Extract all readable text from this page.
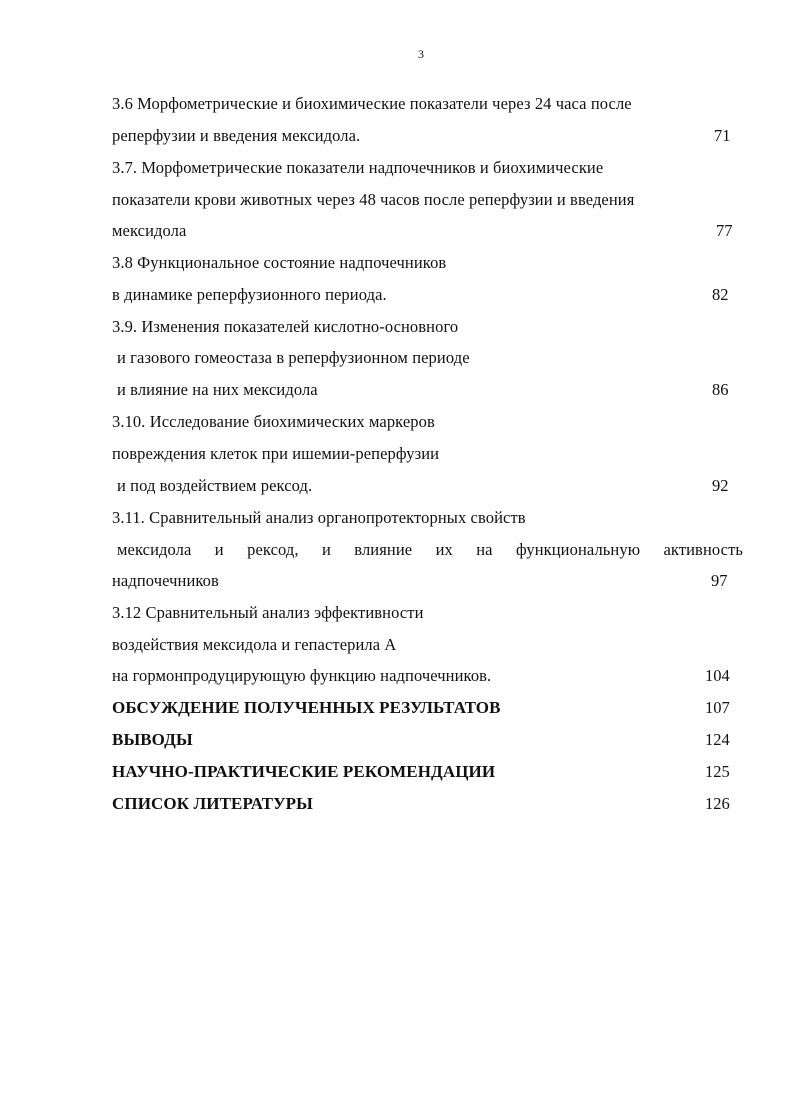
3
3.6 Морфометрические и биохимические показатели через 24 часа после
реперфузии и введения мексидола.	71
3.7. Морфометрические показатели надпочечников и биохимические
показатели крови животных через 48 часов после реперфузии и введения
мексидола	77
3.8 Функциональное состояние надпочечников
в динамике реперфузионного периода.	82
3.9. Изменения показателей кислотно-основного
и газового гомеостаза в реперфузионном периоде
и влияние на них мексидола	86
3.10. Исследование биохимических маркеров
повреждения клеток при ишемии-реперфузии
и под воздействием рексод.	92
3.11. Сравнительный анализ органопротекторных свойств
мексидола и рексод, и влияние их на функциональную активность
надпочечников	97
3.12 Сравнительный анализ эффективности
воздействия мексидола и гепастерила А
на гормонпродуцирующую функцию надпочечников.	104
ОБСУЖДЕНИЕ ПОЛУЧЕННЫХ РЕЗУЛЬТАТОВ	107
ВЫВОДЫ	124
НАУЧНО-ПРАКТИЧЕСКИЕ РЕКОМЕНДАЦИИ	125
СПИСОК ЛИТЕРАТУРЫ	126
